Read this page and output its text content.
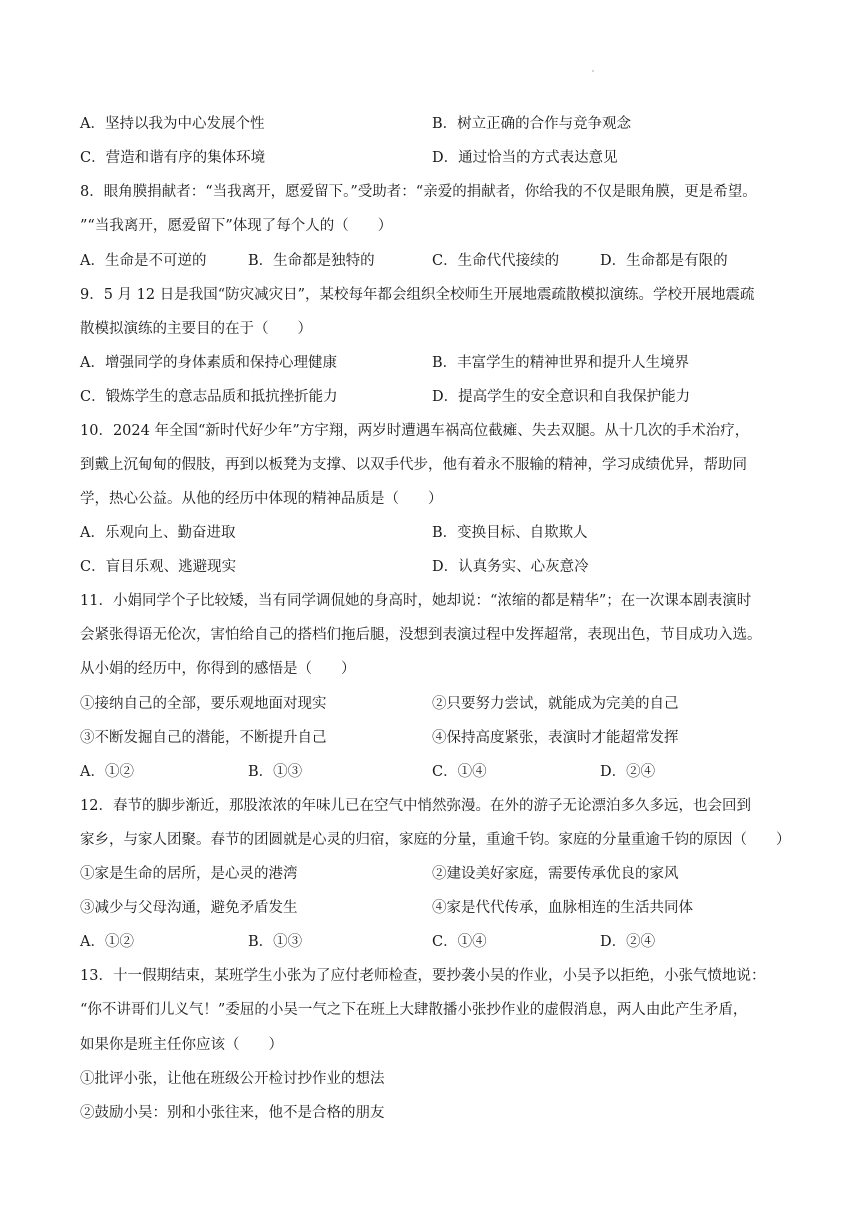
A．坚持以我为中心发展个性	B．树立正确的合作与竞争观念
C．营造和谐有序的集体环境	D．通过恰当的方式表达意见
8．眼角膜捐献者：“当我离开，愿爱留下。”受助者：“亲爱的捐献者，你给我的不仅是眼角膜，更是希望。
”“当我离开，愿爱留下”体现了每个人的（　　）
A．生命是不可逆的	B．生命都是独特的	C．生命代代接续的	D．生命都是有限的
9．5 月 12 日是我国“防灾减灾日”，某校每年都会组织全校师生开展地震疏散模拟演练。学校开展地震疏
散模拟演练的主要目的在于（　　）
A．增强同学的身体素质和保持心理健康	B．丰富学生的精神世界和提升人生境界
C．锻炼学生的意志品质和抵抗挫折能力	D．提高学生的安全意识和自我保护能力
10．2024 年全国“新时代好少年”方宇翔，两岁时遭遇车祸高位截瘫、失去双腿。从十几次的手术治疗，
到戴上沉甸甸的假肢，再到以板凳为支撑、以双手代步，他有着永不服输的精神，学习成绩优异，帮助同
学，热心公益。从他的经历中体现的精神品质是（　　）
A．乐观向上、勤奋进取	B．变换目标、自欺欺人
C．盲目乐观、逃避现实	D．认真务实、心灰意冷
11．小娟同学个子比较矮，当有同学调侃她的身高时，她却说：“浓缩的都是精华”；在一次课本剧表演时
会紧张得语无伦次，害怕给自己的搭档们拖后腿，没想到表演过程中发挥超常，表现出色，节目成功入选。
从小娟的经历中，你得到的感悟是（　　）
①接纳自己的全部，要乐观地面对现实	②只要努力尝试，就能成为完美的自己
③不断发掘自己的潜能，不断提升自己	④保持高度紧张，表演时才能超常发挥
A．①②	B．①③	C．①④	D．②④
12．春节的脚步渐近，那股浓浓的年味儿已在空气中悄然弥漫。在外的游子无论漂泊多久多远，也会回到
家乡，与家人团聚。春节的团圆就是心灵的归宿，家庭的分量，重逾千钧。家庭的分量重逾千钧的原因（　　）
①家是生命的居所，是心灵的港湾	②建设美好家庭，需要传承优良的家风
③减少与父母沟通，避免矛盾发生	④家是代代传承，血脉相连的生活共同体
A．①②	B．①③	C．①④	D．②④
13．十一假期结束，某班学生小张为了应付老师检查，要抄袭小吴的作业，小吴予以拒绝，小张气愤地说：
“你不讲哥们儿义气！”委屈的小吴一气之下在班上大肆散播小张抄作业的虚假消息，两人由此产生矛盾，
如果你是班主任你应该（　　）
①批评小张，让他在班级公开检讨抄作业的想法
②鼓励小吴：别和小张往来，他不是合格的朋友
